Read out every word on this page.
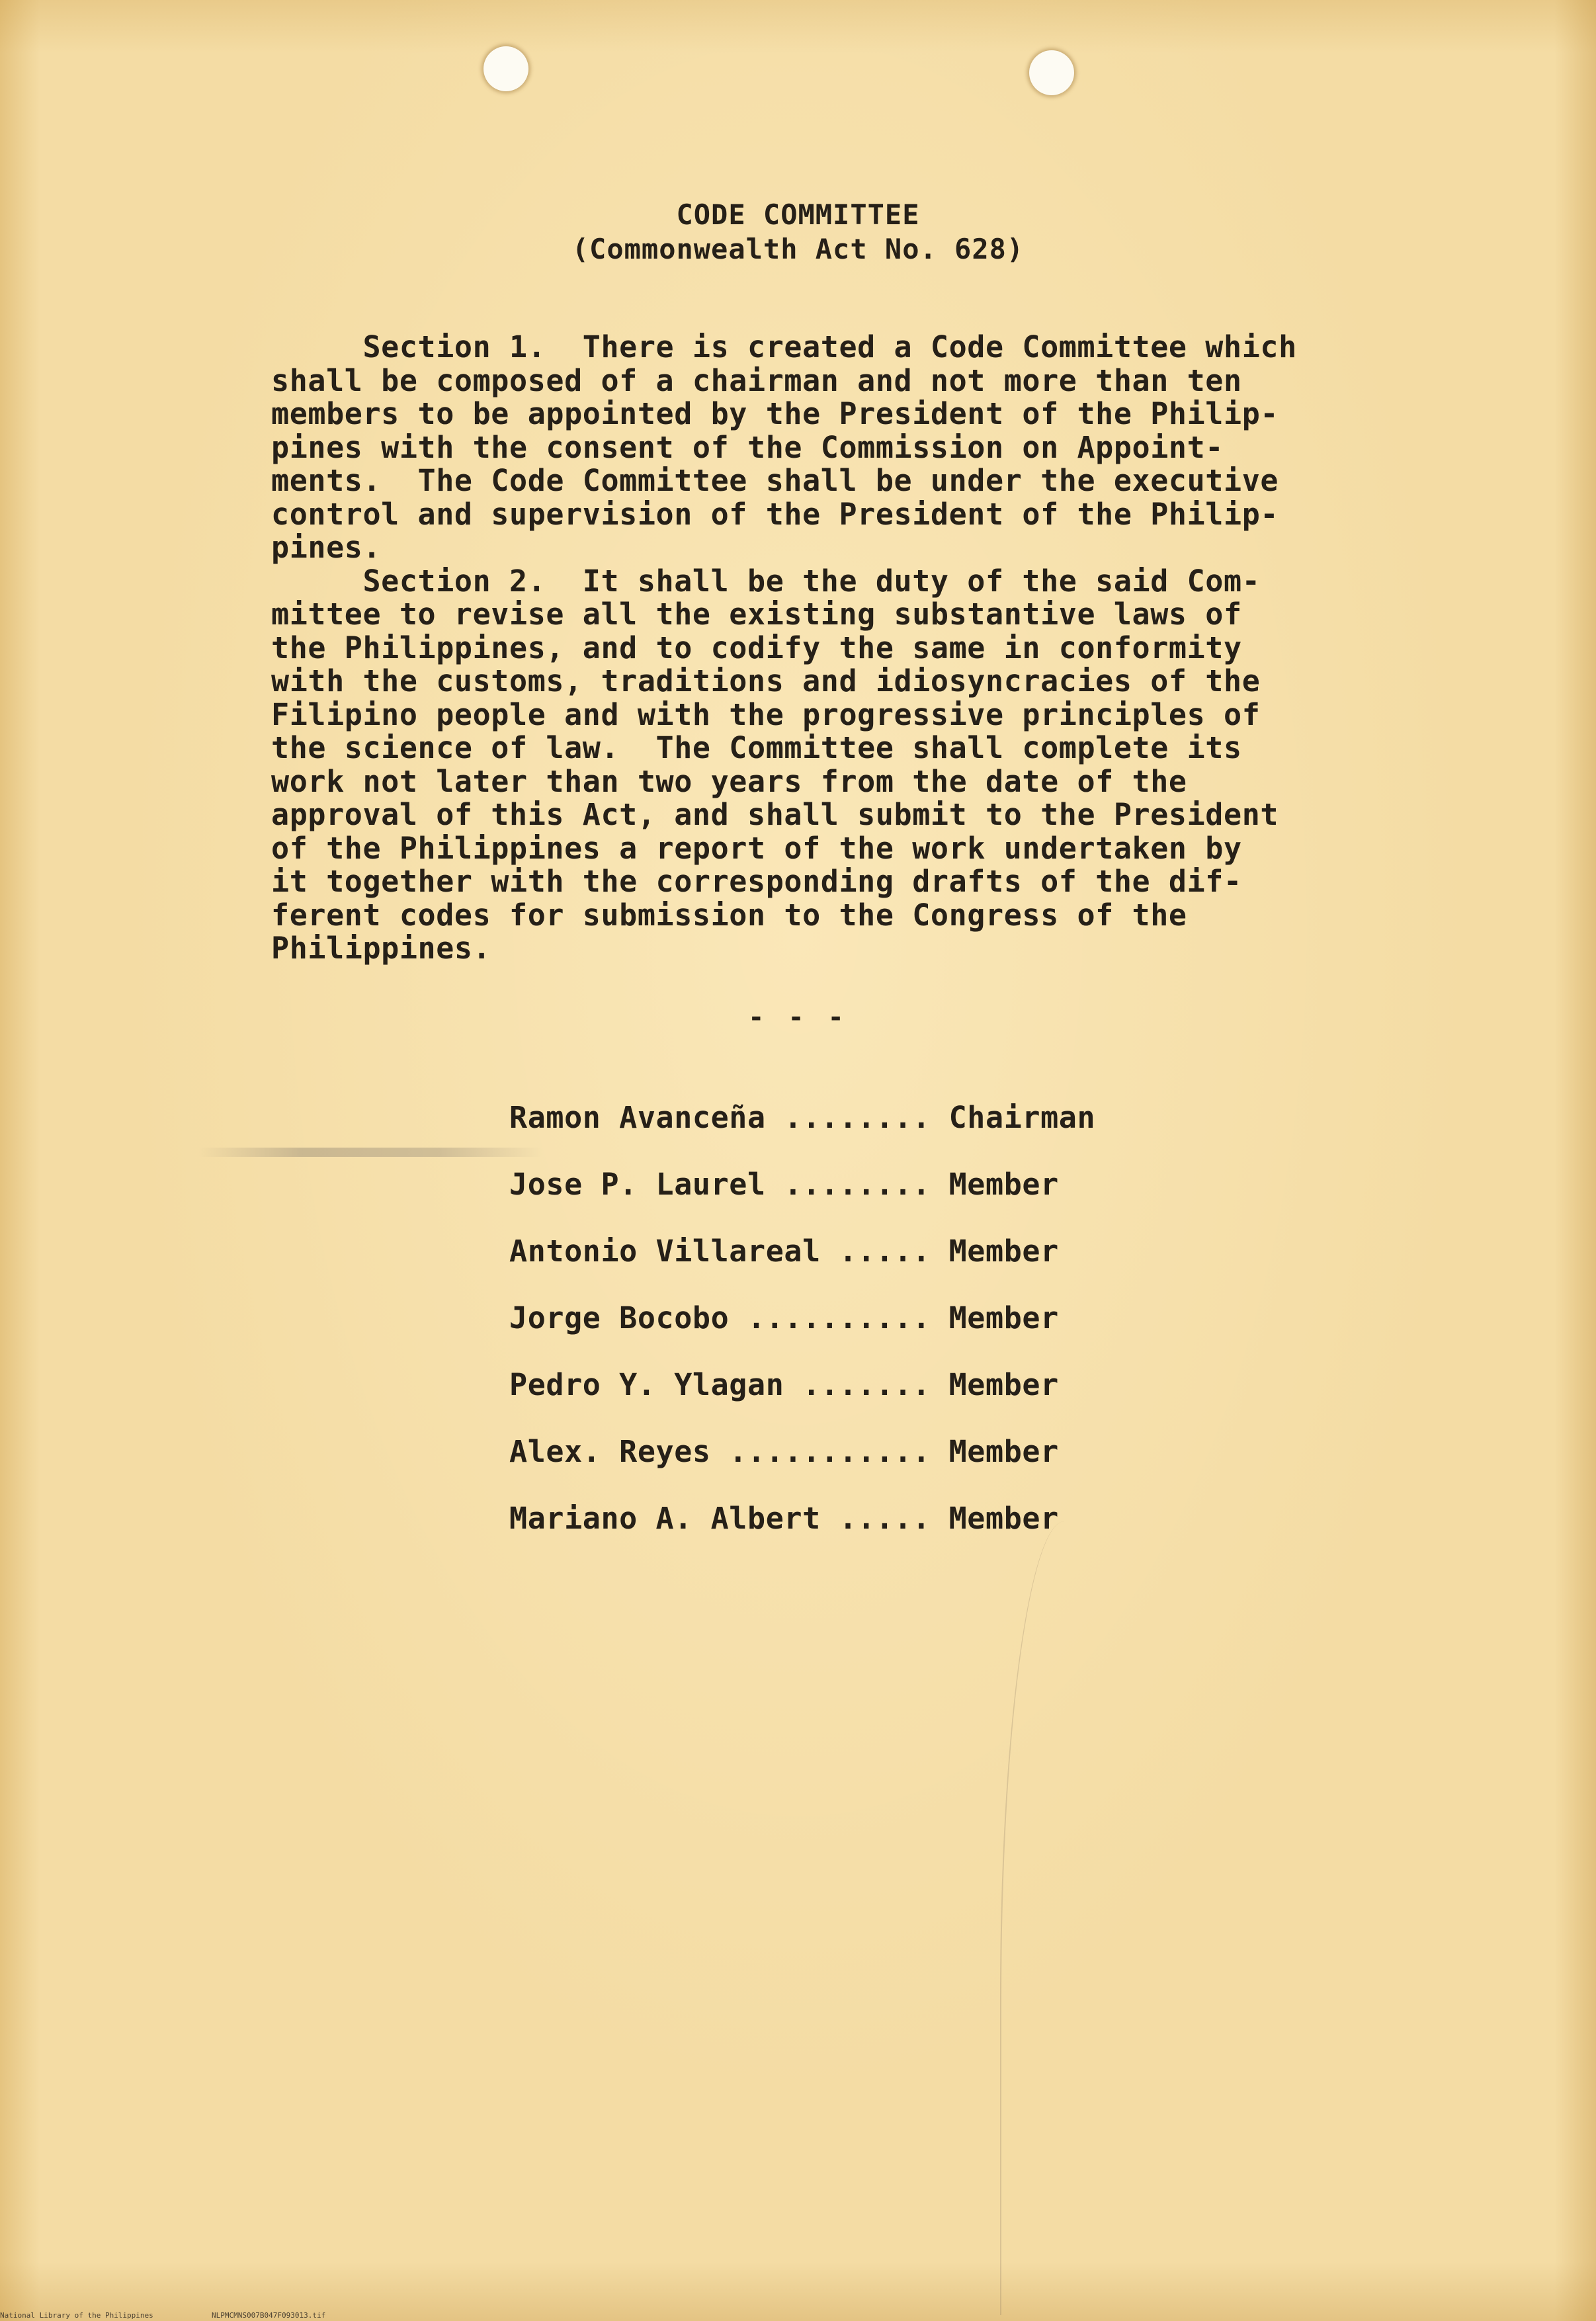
CODE COMMITTEE
(Commonwealth Act No. 628)
Section 1.  There is created a Code Committee which
shall be composed of a chairman and not more than ten
members to be appointed by the President of the Philip-
pines with the consent of the Commission on Appoint-
ments.  The Code Committee shall be under the executive
control and supervision of the President of the Philip-
pines.
Section 2.  It shall be the duty of the said Com-
mittee to revise all the existing substantive laws of
the Philippines, and to codify the same in conformity
with the customs, traditions and idiosyncracies of the
Filipino people and with the progressive principles of
the science of law.  The Committee shall complete its
work not later than two years from the date of the
approval of this Act, and shall submit to the President
of the Philippines a report of the work undertaken by
it together with the corresponding drafts of the dif-
ferent codes for submission to the Congress of the
Philippines.
- - -
Ramon Avanceña ........ Chairman
Jose P. Laurel ........ Member
Antonio Villareal ..... Member
Jorge Bocobo .......... Member
Pedro Y. Ylagan ....... Member
Alex. Reyes ........... Member
Mariano A. Albert ..... Member
National Library of the Philippines	NLPMCMNS007B047F093013.tif
